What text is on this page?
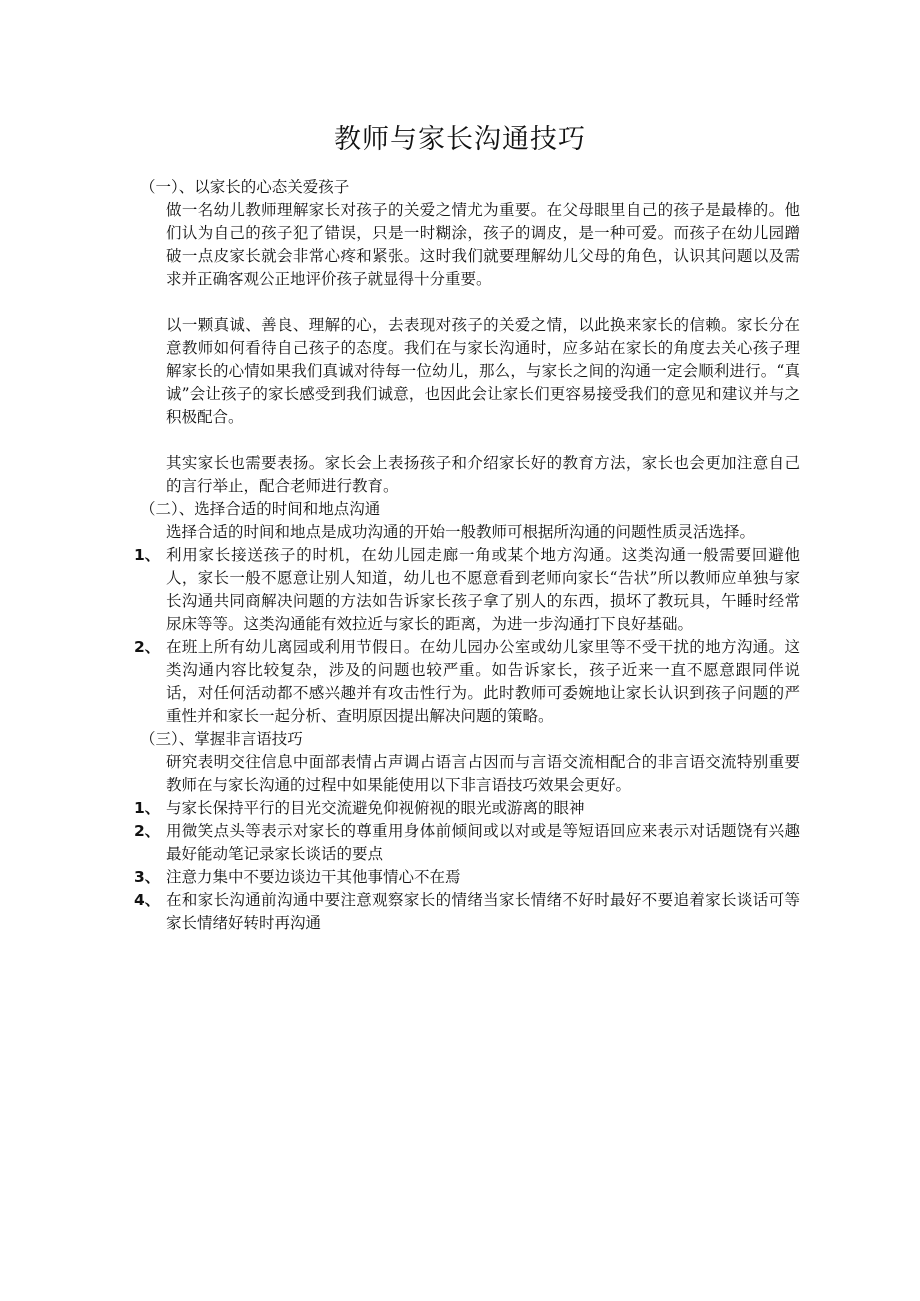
教师与家长沟通技巧
（一）、以家长的心态关爱孩子
做一名幼儿教师理解家长对孩子的关爱之情尤为重要。在父母眼里自己的孩子是最棒的。他们认为自己的孩子犯了错误，只是一时糊涂，孩子的调皮，是一种可爱。而孩子在幼儿园蹭破一点皮家长就会非常心疼和紧张。这时我们就要理解幼儿父母的角色，认识其问题以及需求并正确客观公正地评价孩子就显得十分重要。
以一颗真诚、善良、理解的心，去表现对孩子的关爱之情，以此换来家长的信赖。家长分在意教师如何看待自己孩子的态度。我们在与家长沟通时，应多站在家长的角度去关心孩子理解家长的心情如果我们真诚对待每一位幼儿，那么，与家长之间的沟通一定会顺利进行。“真诚”会让孩子的家长感受到我们诚意，也因此会让家长们更容易接受我们的意见和建议并与之积极配合。
其实家长也需要表扬。家长会上表扬孩子和介绍家长好的教育方法，家长也会更加注意自己的言行举止，配合老师进行教育。
（二）、选择合适的时间和地点沟通
选择合适的时间和地点是成功沟通的开始一般教师可根据所沟通的问题性质灵活选择。
1、 利用家长接送孩子的时机，在幼儿园走廊一角或某个地方沟通。这类沟通一般需要回避他人，家长一般不愿意让别人知道，幼儿也不愿意看到老师向家长“告状”所以教师应单独与家长沟通共同商解决问题的方法如告诉家长孩子拿了别人的东西，损坏了教玩具，午睡时经常尿床等等。这类沟通能有效拉近与家长的距离，为进一步沟通打下良好基础。
2、 在班上所有幼儿离园或利用节假日。在幼儿园办公室或幼儿家里等不受干扰的地方沟通。这类沟通内容比较复杂，涉及的问题也较严重。如告诉家长，孩子近来一直不愿意跟同伴说话，对任何活动都不感兴趣并有攻击性行为。此时教师可委婉地让家长认识到孩子问题的严重性并和家长一起分析、查明原因提出解决问题的策略。
（三）、掌握非言语技巧
研究表明交往信息中面部表情占声调占语言占因而与言语交流相配合的非言语交流特别重要教师在与家长沟通的过程中如果能使用以下非言语技巧效果会更好。
1、 与家长保持平行的目光交流避免仰视俯视的眼光或游离的眼神
2、 用微笑点头等表示对家长的尊重用身体前倾间或以对或是等短语回应来表示对话题饶有兴趣最好能动笔记录家长谈话的要点
3、 注意力集中不要边谈边干其他事情心不在焉
4、 在和家长沟通前沟通中要注意观察家长的情绪当家长情绪不好时最好不要追着家长谈话可等家长情绪好转时再沟通
